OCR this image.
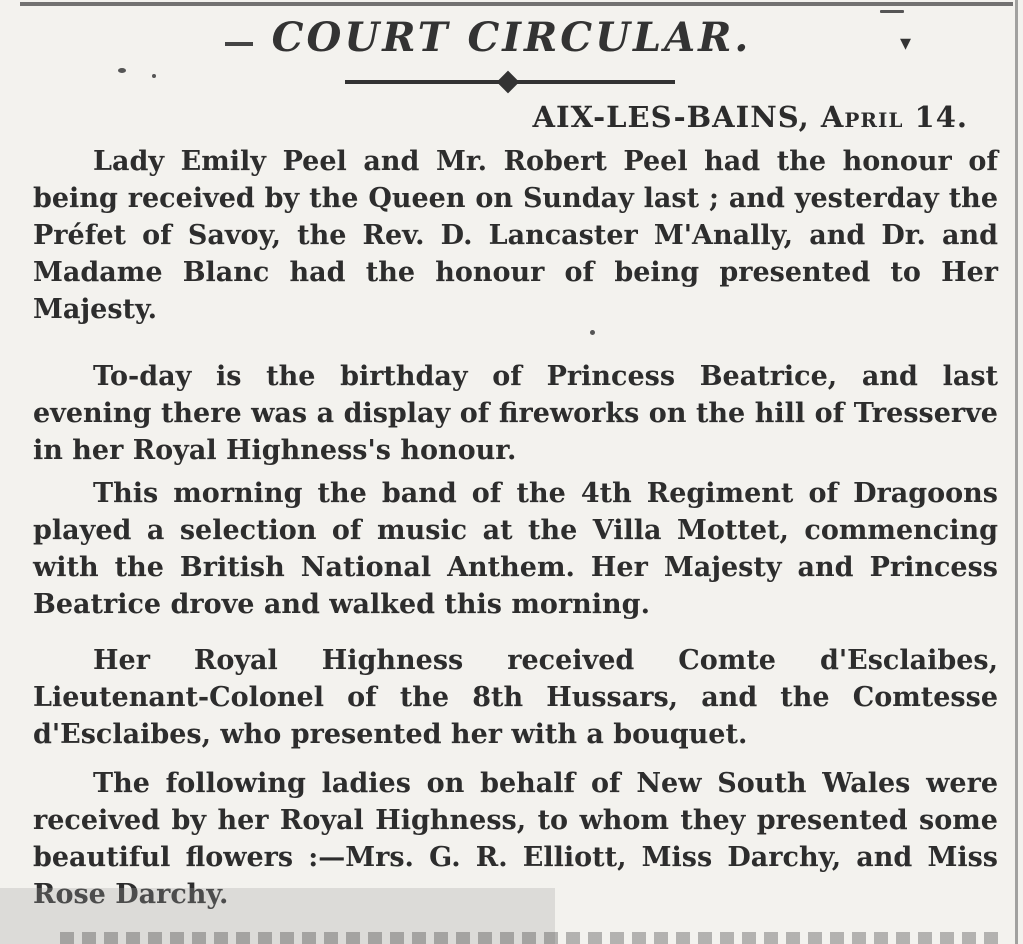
COURT CIRCULAR.	▾
AIX-LES-BAINS, April 14.

Lady Emily Peel and Mr. Robert Peel had the honour of being received by the Queen on Sunday last ; and yesterday the Préfet of Savoy, the Rev. D. Lancaster M'Anally, and Dr. and Madame Blanc had the honour of being presented to Her Majesty.

To-day is the birthday of Princess Beatrice, and last evening there was a display of fireworks on the hill of Tresserve in her Royal Highness's honour.

This morning the band of the 4th Regiment of Dragoons played a selection of music at the Villa Mottet, commencing with the British National Anthem. Her Majesty and Princess Beatrice drove and walked this morning.

Her Royal Highness received Comte d'Esclaibes, Lieutenant-Colonel of the 8th Hussars, and the Comtesse d'Esclaibes, who presented her with a bouquet.

The following ladies on behalf of New South Wales were received by her Royal Highness, to whom they presented some beautiful flowers :—Mrs. G. R. Elliott, Miss Darchy, and Miss Rose Darchy.
